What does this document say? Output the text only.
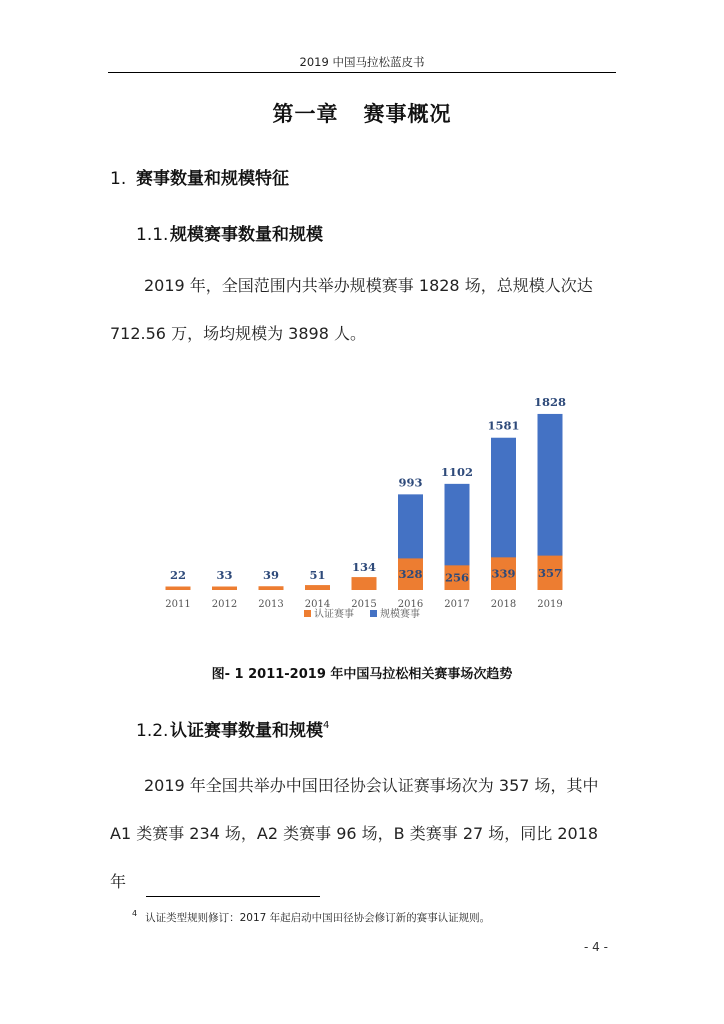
2019 中国马拉松蓝皮书
第一章   赛事概况
1. 赛事数量和规模特征
1.1.规模赛事数量和规模
2019 年，全国范围内共举办规模赛事 1828 场，总规模人次达
712.56 万，场均规模为 3898 人。
22	33	39	51
134
993
328
1102
256
1581
339
1828
357
2011 2012 2013 2014 2015 2016 2017 2018 2019
认证赛事	规模赛事
图- 1 2011-2019 年中国马拉松相关赛事场次趋势
1.2.认证赛事数量和规模$^4$
2019 年全国共举办中国田径协会认证赛事场次为 357 场，其中
A1 类赛事 234 场，A2 类赛事 96 场，B 类赛事 27 场，同比 2018 年
$^4$ 认证类型规则修订：2017 年起启动中国田径协会修订新的赛事认证规则。
- 4 -
